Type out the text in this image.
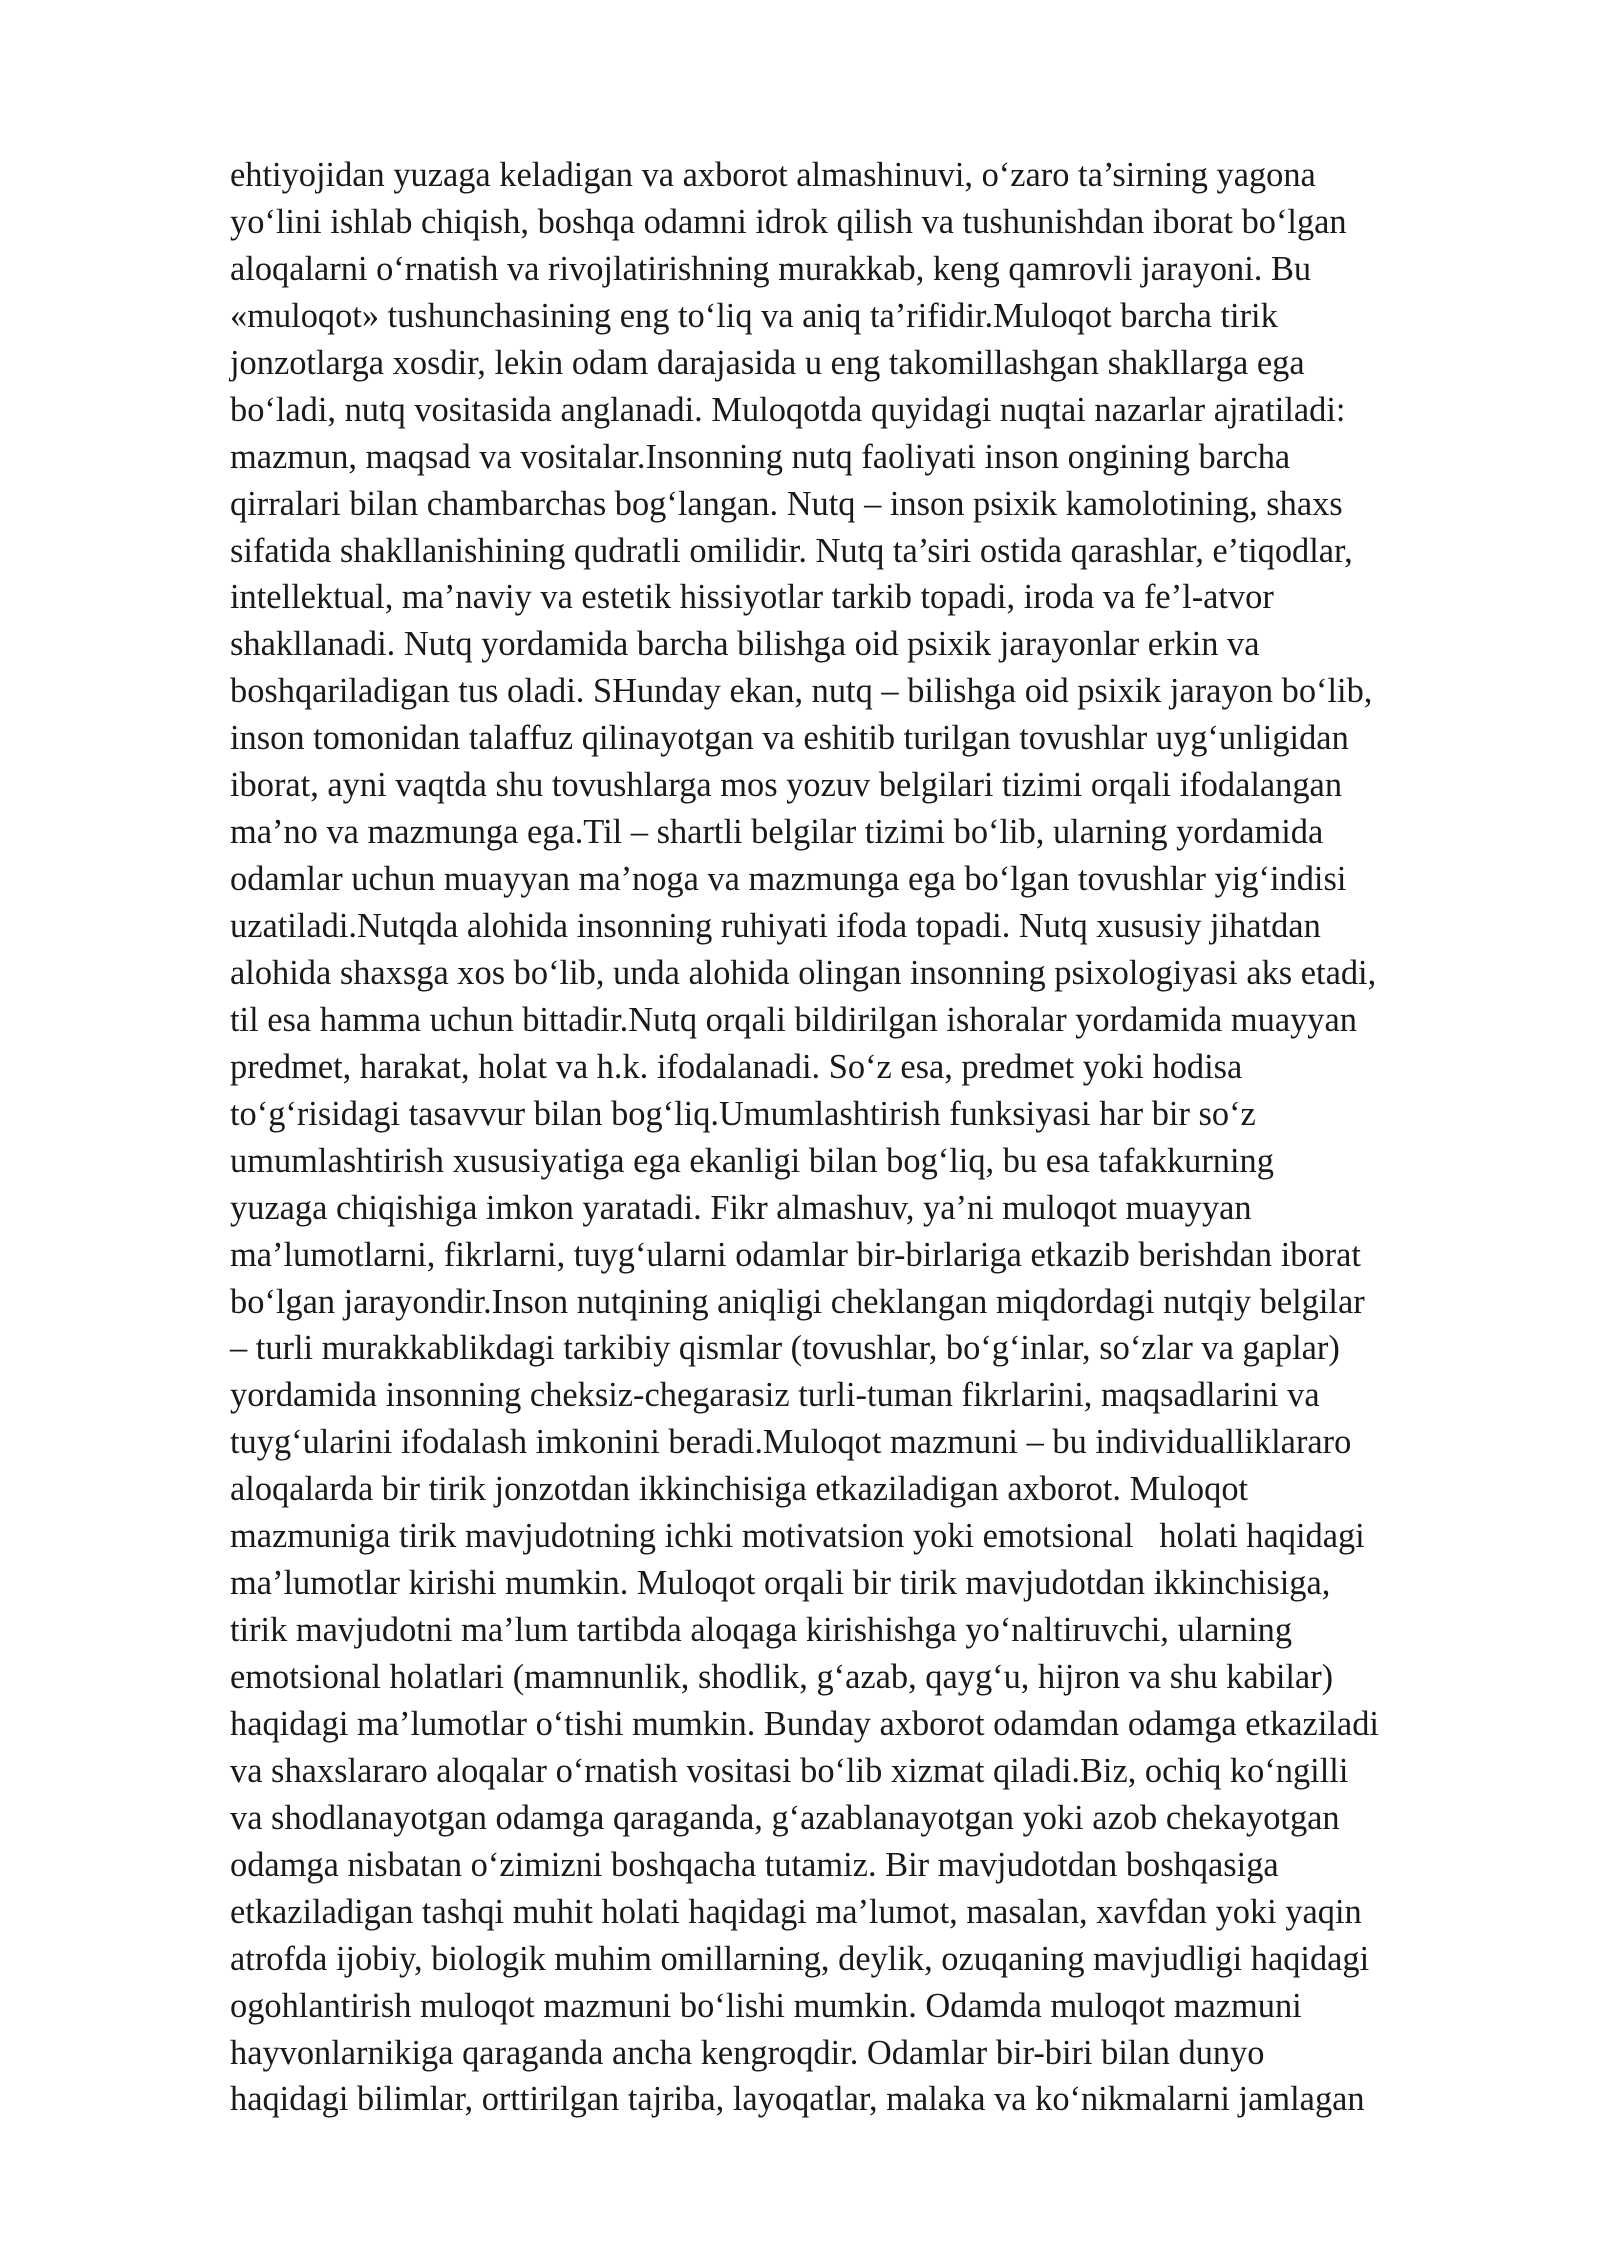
ehtiyojidan yuzaga keladigan va axborot almashinuvi, o‘zaro ta’sirning yagona
yo‘lini ishlab chiqish, boshqa odamni idrok qilish va tushunishdan iborat bo‘lgan
aloqalarni o‘rnatish va rivojlatirishning murakkab, keng qamrovli jarayoni. Bu
«muloqot» tushunchasining eng to‘liq va aniq ta’rifidir.Muloqot barcha tirik
jonzotlarga xosdir, lekin odam darajasida u eng takomillashgan shakllarga ega
bo‘ladi, nutq vositasida anglanadi. Muloqotda quyidagi nuqtai nazarlar ajratiladi:
mazmun, maqsad va vositalar.Insonning nutq faoliyati inson ongining barcha
qirralari bilan chambarchas bog‘langan. Nutq – inson psixik kamolotining, shaxs
sifatida shakllanishining qudratli omilidir. Nutq ta’siri ostida qarashlar, e’tiqodlar,
intellektual, ma’naviy va estetik hissiyotlar tarkib topadi, iroda va fe’l-atvor
shakllanadi. Nutq yordamida barcha bilishga oid psixik jarayonlar erkin va
boshqariladigan tus oladi. SHunday ekan, nutq – bilishga oid psixik jarayon bo‘lib,
inson tomonidan talaffuz qilinayotgan va eshitib turilgan tovushlar uyg‘unligidan
iborat, ayni vaqtda shu tovushlarga mos yozuv belgilari tizimi orqali ifodalangan
ma’no va mazmunga ega.Til – shartli belgilar tizimi bo‘lib, ularning yordamida
odamlar uchun muayyan ma’noga va mazmunga ega bo‘lgan tovushlar yig‘indisi
uzatiladi.Nutqda alohida insonning ruhiyati ifoda topadi. Nutq xususiy jihatdan
alohida shaxsga xos bo‘lib, unda alohida olingan insonning psixologiyasi aks etadi,
til esa hamma uchun bittadir.Nutq orqali bildirilgan ishoralar yordamida muayyan
predmet, harakat, holat va h.k. ifodalanadi. So‘z esa, predmet yoki hodisa
to‘g‘risidagi tasavvur bilan bog‘liq.Umumlashtirish funksiyasi har bir so‘z
umumlashtirish xususiyatiga ega ekanligi bilan bog‘liq, bu esa tafakkurning
yuzaga chiqishiga imkon yaratadi. Fikr almashuv, ya’ni muloqot muayyan
ma’lumotlarni, fikrlarni, tuyg‘ularni odamlar bir-birlariga etkazib berishdan iborat
bo‘lgan jarayondir.Inson nutqining aniqligi cheklangan miqdordagi nutqiy belgilar
– turli murakkablikdagi tarkibiy qismlar (tovushlar, bo‘g‘inlar, so‘zlar va gaplar)
yordamida insonning cheksiz-chegarasiz turli-tuman fikrlarini, maqsadlarini va
tuyg‘ularini ifodalash imkonini beradi.Muloqot mazmuni – bu individualliklararo
aloqalarda bir tirik jonzotdan ikkinchisiga etkaziladigan axborot. Muloqot
mazmuniga tirik mavjudotning ichki motivatsion yoki emotsional   holati haqidagi
ma’lumotlar kirishi mumkin. Muloqot orqali bir tirik mavjudotdan ikkinchisiga,
tirik mavjudotni ma’lum tartibda aloqaga kirishishga yo‘naltiruvchi, ularning
emotsional holatlari (mamnunlik, shodlik, g‘azab, qayg‘u, hijron va shu kabilar)
haqidagi ma’lumotlar o‘tishi mumkin. Bunday axborot odamdan odamga etkaziladi
va shaxslararo aloqalar o‘rnatish vositasi bo‘lib xizmat qiladi.Biz, ochiq ko‘ngilli
va shodlanayotgan odamga qaraganda, g‘azablanayotgan yoki azob chekayotgan
odamga nisbatan o‘zimizni boshqacha tutamiz. Bir mavjudotdan boshqasiga
etkaziladigan tashqi muhit holati haqidagi ma’lumot, masalan, xavfdan yoki yaqin
atrofda ijobiy, biologik muhim omillarning, deylik, ozuqaning mavjudligi haqidagi
ogohlantirish muloqot mazmuni bo‘lishi mumkin. Odamda muloqot mazmuni
hayvonlarnikiga qaraganda ancha kengroqdir. Odamlar bir-biri bilan dunyo
haqidagi bilimlar, orttirilgan tajriba, layoqatlar, malaka va ko‘nikmalarni jamlagan
